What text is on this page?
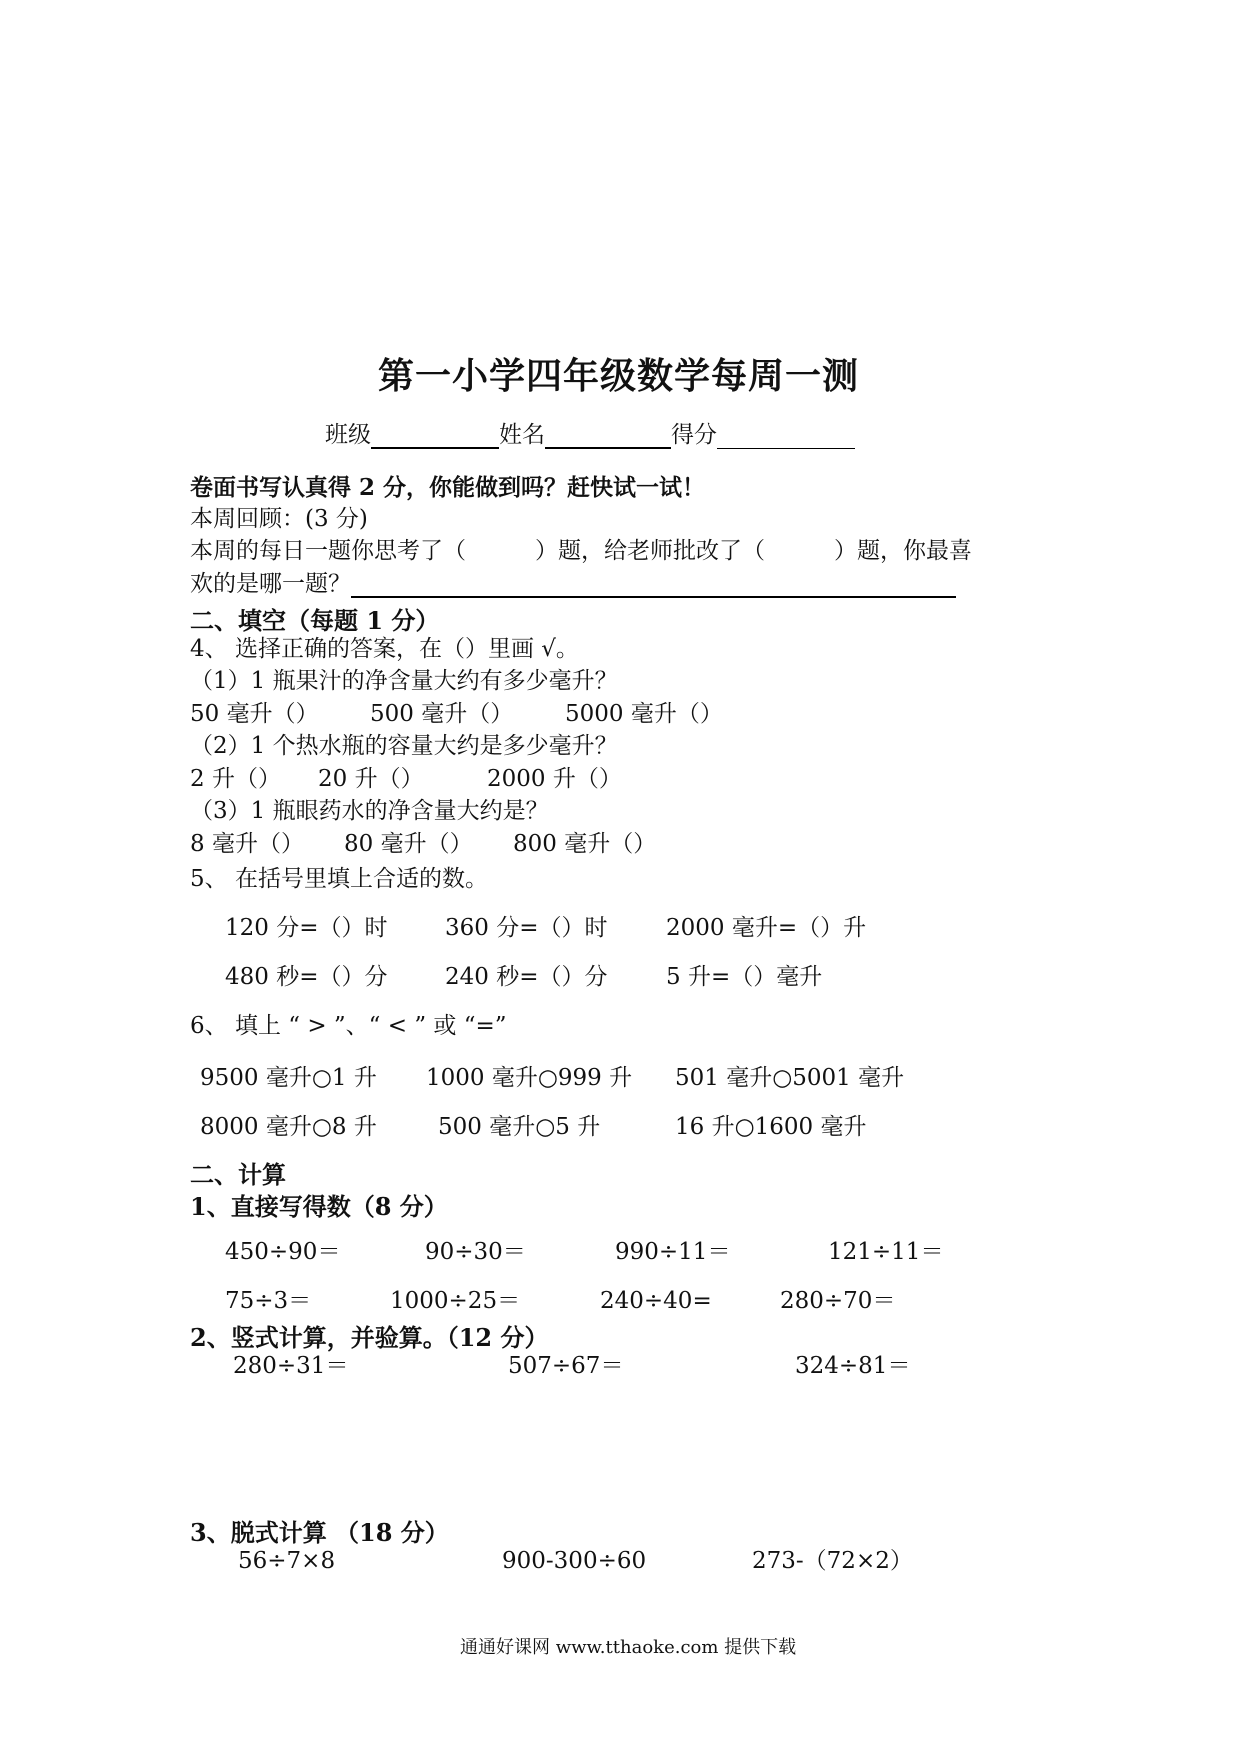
第一小学四年级数学每周一测
班级	姓名	得分
卷面书写认真得 2 分，你能做到吗？赶快试一试！
本周回顾：(3 分)
本周的每日一题你思考了（　　　）题，给老师批改了（　　　）题，你最喜
欢的是哪一题？
二、填空（每题 1 分）
4、 选择正确的答案，在（）里画 √。
（1）1 瓶果汁的净含量大约有多少毫升？
50 毫升（） 500 毫升（） 5000 毫升（）
（2）1 个热水瓶的容量大约是多少毫升？
2 升（） 20 升（）	2000 升（）
（3）1 瓶眼药水的净含量大约是？
8 毫升（） 80 毫升（） 800 毫升（）
5、 在括号里填上合适的数。
120 分=（）时	360 分=（）时	2000 毫升=（）升
480 秒=（）分	240 秒=（）分	5 升=（）毫升
6、 填上 “ > ”、“ < ” 或 “=”
9500 毫升○1 升 1000 毫升○999 升 501 毫升○5001 毫升
8000 毫升○8 升	500 毫升○5 升	16 升○1600 毫升
二、计算
1、直接写得数（8 分）
450÷90＝	90÷30＝	990÷11＝	121÷11＝
75÷3＝	1000÷25＝	240÷40=	280÷70＝
2、竖式计算，并验算。（12 分）
280÷31＝	507÷67＝	324÷81＝
3、脱式计算 （18 分）
56÷7×8	900-300÷60	273-（72×2）
通通好课网 www.tthaoke.com 提供下载
